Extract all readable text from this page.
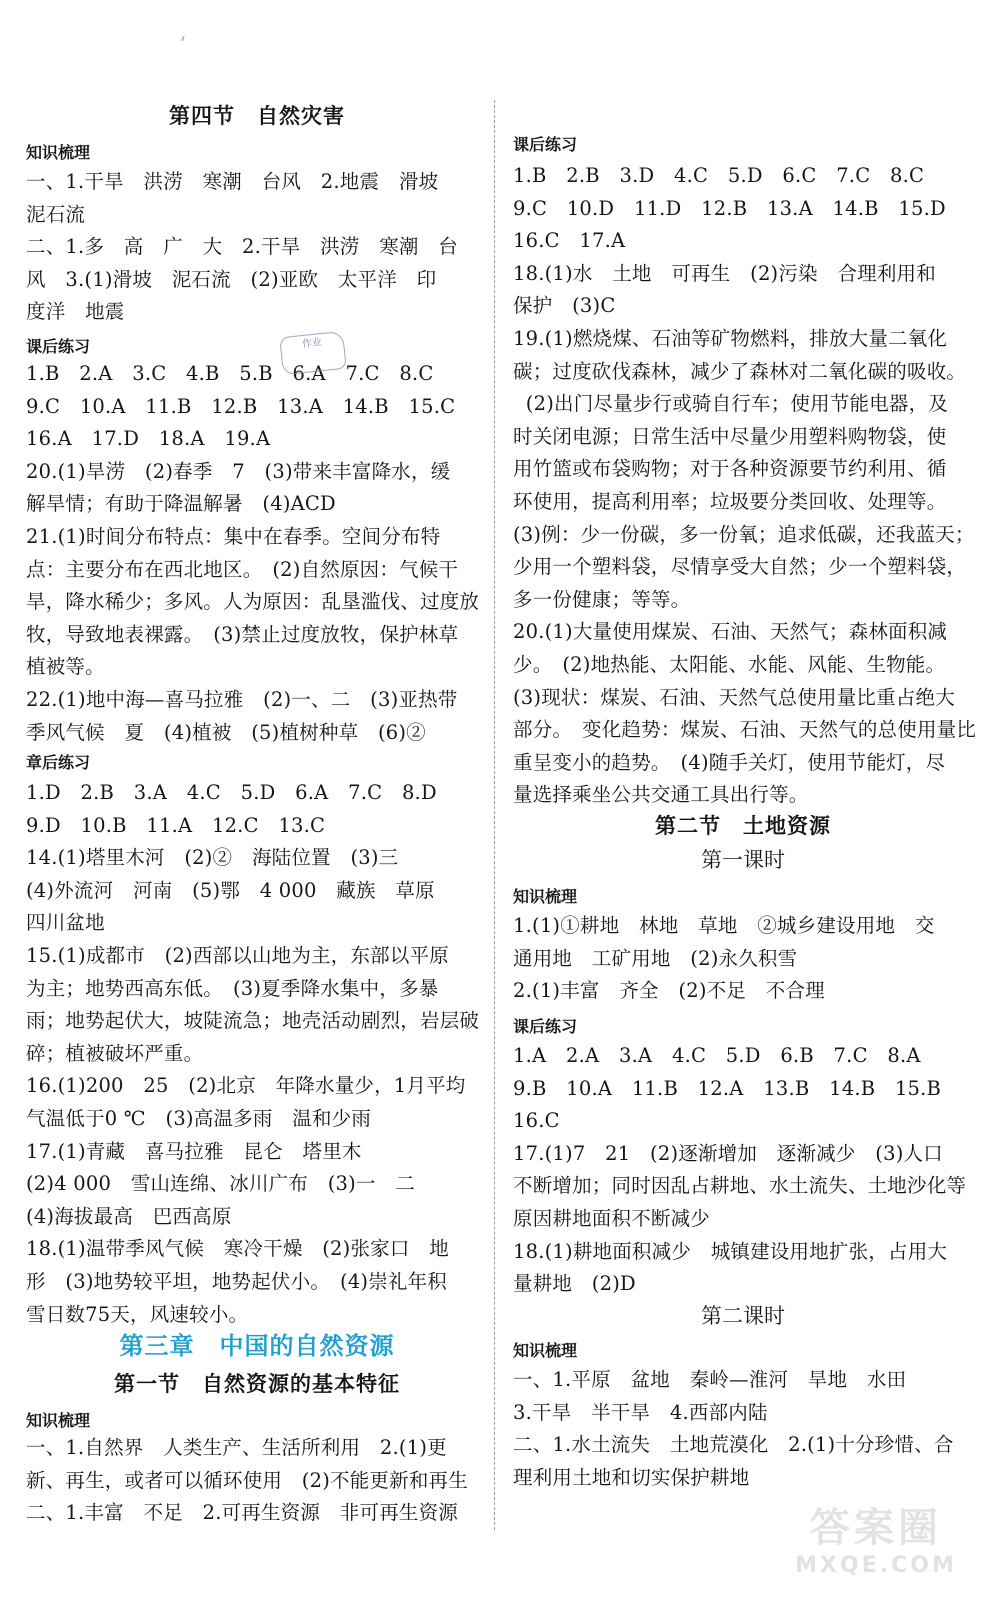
第四节　自然灾害
知识梳理
一、1.干旱　洪涝　寒潮　台风　2.地震　滑坡
泥石流
二、1.多　高　广　大　2.干旱　洪涝　寒潮　台
风　3.(1)滑坡　泥石流　(2)亚欧　太平洋　印
度洋　地震
课后练习
1.B　2.A　3.C　4.B　5.B　6.A　7.C　8.C
9.C　10.A　11.B　12.B　13.A　14.B　15.C
16.A　17.D　18.A　19.A
20.(1)旱涝　(2)春季　7　(3)带来丰富降水，缓
解旱情；有助于降温解暑　(4)ACD
21.(1)时间分布特点：集中在春季。空间分布特
点：主要分布在西北地区。　(2)自然原因：气候干
旱，降水稀少；多风。人为原因：乱垦滥伐、过度放
牧，导致地表裸露。　(3)禁止过度放牧，保护林草
植被等。
22.(1)地中海—喜马拉雅　(2)一、二　(3)亚热带
季风气候　夏　(4)植被　(5)植树种草　(6)②
章后练习
1.D　2.B　3.A　4.C　5.D　6.A　7.C　8.D
9.D　10.B　11.A　12.C　13.C
14.(1)塔里木河　(2)②　海陆位置　(3)三
(4)外流河　河南　(5)鄂　4 000　藏族　草原
四川盆地
15.(1)成都市　(2)西部以山地为主，东部以平原
为主；地势西高东低。　(3)夏季降水集中，多暴
雨；地势起伏大，坡陡流急；地壳活动剧烈，岩层破
碎；植被破坏严重。
16.(1)200　25　(2)北京　年降水量少，1月平均
气温低于0 ℃　(3)高温多雨　温和少雨
17.(1)青藏　喜马拉雅　昆仑　塔里木
(2)4 000　雪山连绵、冰川广布　(3)一　二
(4)海拔最高　巴西高原
18.(1)温带季风气候　寒冷干燥　(2)张家口　地
形　(3)地势较平坦，地势起伏小。　(4)崇礼年积
雪日数75天，风速较小。
第三章　中国的自然资源
第一节　自然资源的基本特征
知识梳理
一、1.自然界　人类生产、生活所利用　2.(1)更
新、再生，或者可以循环使用　(2)不能更新和再生
二、1.丰富　不足　2.可再生资源　非可再生资源
作业
课后练习
1.B　2.B　3.D　4.C　5.D　6.C　7.C　8.C
9.C　10.D　11.D　12.B　13.A　14.B　15.D
16.C　17.A
18.(1)水　土地　可再生　(2)污染　合理利用和
保护　(3)C
19.(1)燃烧煤、石油等矿物燃料，排放大量二氧化
碳；过度砍伐森林，减少了森林对二氧化碳的吸收。
(2)出门尽量步行或骑自行车；使用节能电器，及
时关闭电源；日常生活中尽量少用塑料购物袋，使
用竹篮或布袋购物；对于各种资源要节约利用、循
环使用，提高利用率；垃圾要分类回收、处理等。
(3)例：少一份碳，多一份氧；追求低碳，还我蓝天；
少用一个塑料袋，尽情享受大自然；少一个塑料袋，
多一份健康；等等。
20.(1)大量使用煤炭、石油、天然气；森林面积减
少。　(2)地热能、太阳能、水能、风能、生物能。
(3)现状：煤炭、石油、天然气总使用量比重占绝大
部分。　变化趋势：煤炭、石油、天然气的总使用量比
重呈变小的趋势。　(4)随手关灯，使用节能灯，尽
量选择乘坐公共交通工具出行等。
第二节　土地资源
第一课时
知识梳理
1.(1)①耕地　林地　草地　②城乡建设用地　交
通用地　工矿用地　(2)永久积雪
2.(1)丰富　齐全　(2)不足　不合理
课后练习
1.A　2.A　3.A　4.C　5.D　6.B　7.C　8.A
9.B　10.A　11.B　12.A　13.B　14.B　15.B
16.C
17.(1)7　21　(2)逐渐增加　逐渐减少　(3)人口
不断增加；同时因乱占耕地、水土流失、土地沙化等
原因耕地面积不断减少
18.(1)耕地面积减少　城镇建设用地扩张，占用大
量耕地　(2)D
第二课时
知识梳理
一、1.平原　盆地　秦岭—淮河　旱地　水田
3.干旱　半干旱　4.西部内陆
二、1.水土流失　土地荒漠化　2.(1)十分珍惜、合
理利用土地和切实保护耕地
答案圈
MXQE.COM
